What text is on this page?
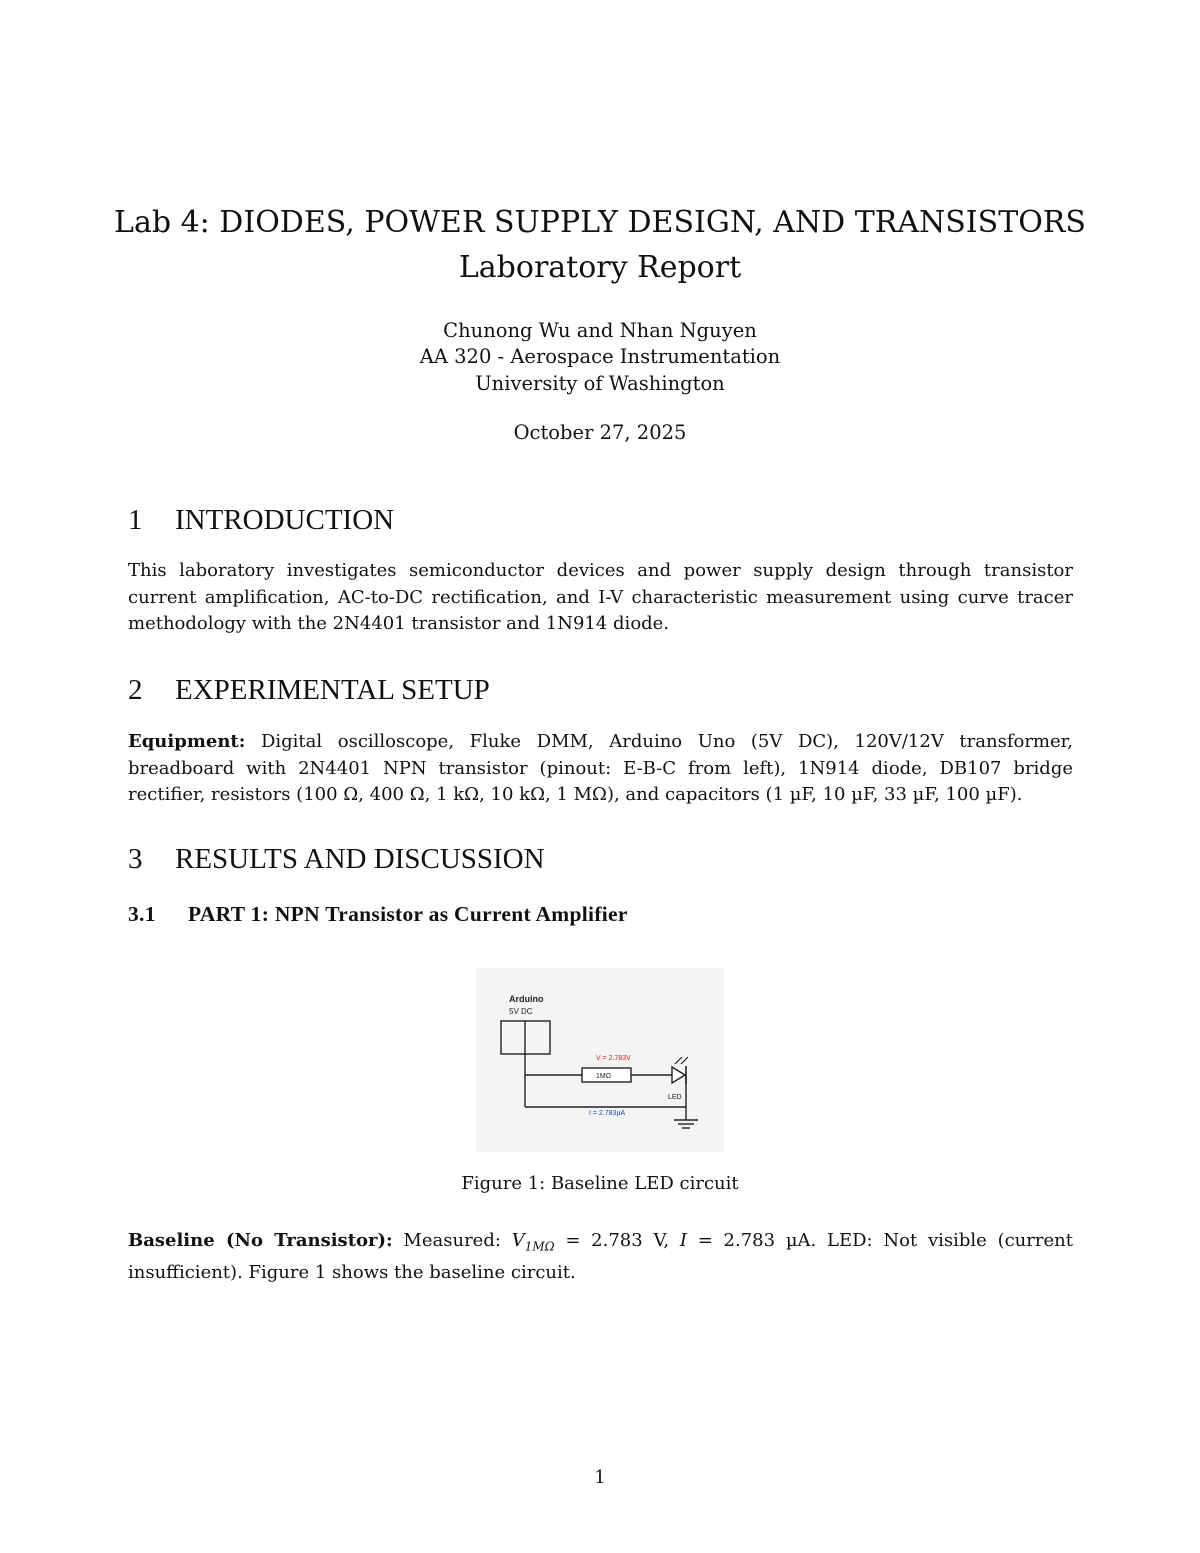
Lab 4: DIODES, POWER SUPPLY DESIGN, AND TRANSISTORS
Laboratory Report
Chunong Wu and Nhan Nguyen
AA 320 - Aerospace Instrumentation
University of Washington
October 27, 2025
1 INTRODUCTION
This laboratory investigates semiconductor devices and power supply design through transistor current amplification, AC-to-DC rectification, and I-V characteristic measurement using curve tracer methodology with the 2N4401 transistor and 1N914 diode.
2 EXPERIMENTAL SETUP
Equipment: Digital oscilloscope, Fluke DMM, Arduino Uno (5V DC), 120V/12V transformer, breadboard with 2N4401 NPN transistor (pinout: E-B-C from left), 1N914 diode, DB107 bridge rectifier, resistors (100 Ω, 400 Ω, 1 kΩ, 10 kΩ, 1 MΩ), and capacitors (1 µF, 10 µF, 33 µF, 100 µF).
3 RESULTS AND DISCUSSION
3.1 PART 1: NPN Transistor as Current Amplifier
Arduino
5V DC
1MΩ
V = 2.783V
LED
I = 2.783µA
Figure 1: Baseline LED circuit
Baseline (No Transistor): Measured: $V_{1M\Omega} = 2.783$ V, I = 2.783 µA. LED: Not visible (current insufficient). Figure 1 shows the baseline circuit.
1
